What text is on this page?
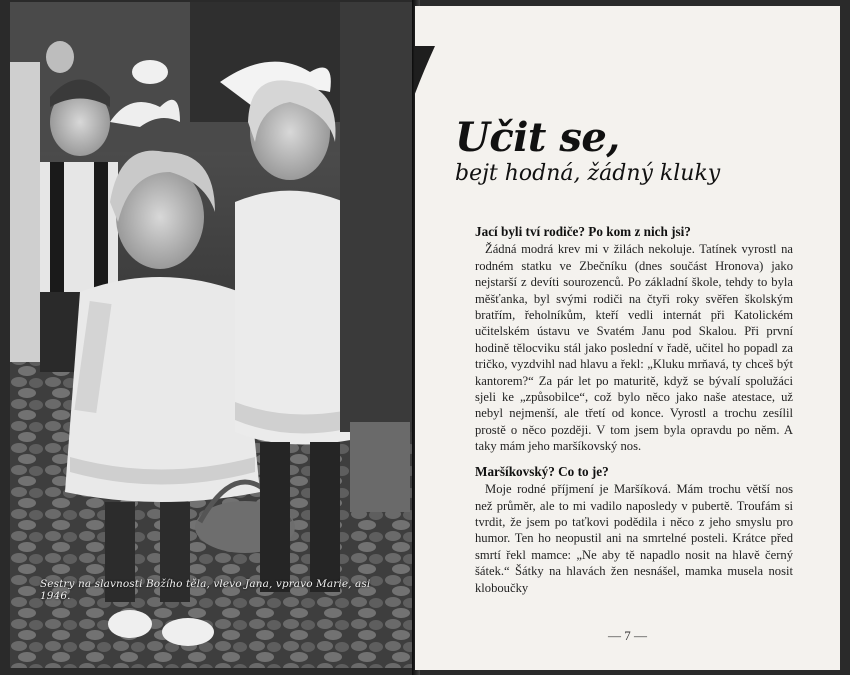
Sestry na slavnosti Božího těla, vlevo Jana, vpravo Marie, asi 1946.
Učit se,
bejt hodná, žádný kluky
Jací byli tví rodiče? Po kom z nich jsi?

Žádná modrá krev mi v žilách nekoluje. Tatínek vyrostl na rodném statku ve Zbečníku (dnes součást Hronova) jako nejstarší z devíti sourozenců. Po základní škole, tehdy to byla měšťanka, byl svými rodiči na čtyři roky svěřen školským bratřím, řeholníkům, kteří vedli internát při Katolickém učitelském ústavu ve Svatém Janu pod Skalou. Při první hodině tělocviku stál jako poslední v řadě, učitel ho popadl za tričko, vyzdvihl nad hlavu a řekl: „Kluku mrňavá, ty chceš být kantorem?“ Za pár let po maturitě, když se bývalí spolužáci sjeli ke „způsobilce“, což bylo něco jako naše atestace, už nebyl nejmenší, ale třetí od konce. Vyrostl a trochu zesílil prostě o něco později. V tom jsem byla opravdu po něm. A taky mám jeho maršíkovský nos.

Maršíkovský? Co to je?

Moje rodné příjmení je Maršíková. Mám trochu větší nos než průměr, ale to mi vadilo naposledy v pubertě. Troufám si tvrdit, že jsem po taťkovi podědila i něco z jeho smyslu pro humor. Ten ho neopustil ani na smrtelné posteli. Krátce před smrtí řekl mamce: „Ne aby tě napadlo nosit na hlavě černý šátek.“ Šátky na hlavách žen nesnášel, mamka musela nosit kloboučky

— 7 —
